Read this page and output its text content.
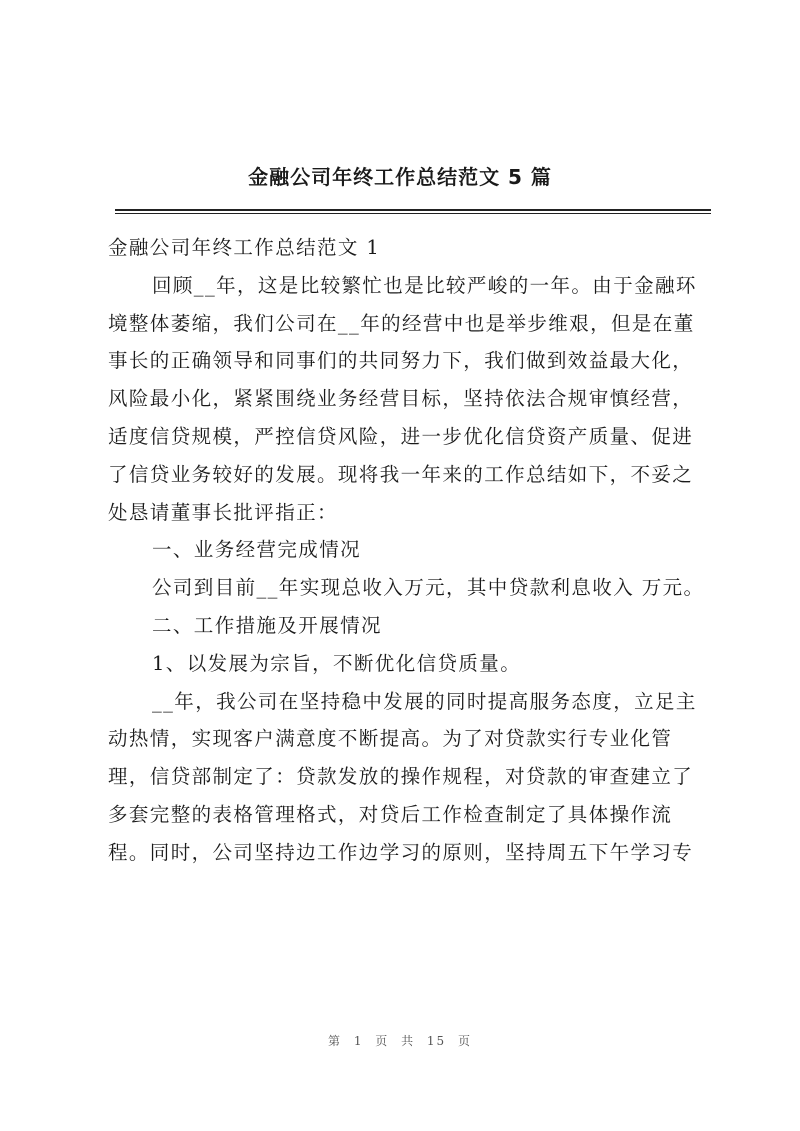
金融公司年终工作总结范文 5 篇

金融公司年终工作总结范文 1

回顾__年，这是比较繁忙也是比较严峻的一年。由于金融环境整体萎缩，我们公司在__年的经营中也是举步维艰，但是在董事长的正确领导和同事们的共同努力下，我们做到效益最大化，风险最小化，紧紧围绕业务经营目标，坚持依法合规审慎经营，适度信贷规模，严控信贷风险，进一步优化信贷资产质量、促进了信贷业务较好的发展。现将我一年来的工作总结如下，不妥之处恳请董事长批评指正：

一、业务经营完成情况

公司到目前__年实现总收入万元，其中贷款利息收入 万元。

二、工作措施及开展情况

1、以发展为宗旨，不断优化信贷质量。

__年，我公司在坚持稳中发展的同时提高服务态度，立足主动热情，实现客户满意度不断提高。为了对贷款实行专业化管理，信贷部制定了：贷款发放的操作规程，对贷款的审查建立了多套完整的表格管理格式，对贷后工作检查制定了具体操作流程。同时，公司坚持边工作边学习的原则，坚持周五下午学习专

第 1 页 共 15 页
